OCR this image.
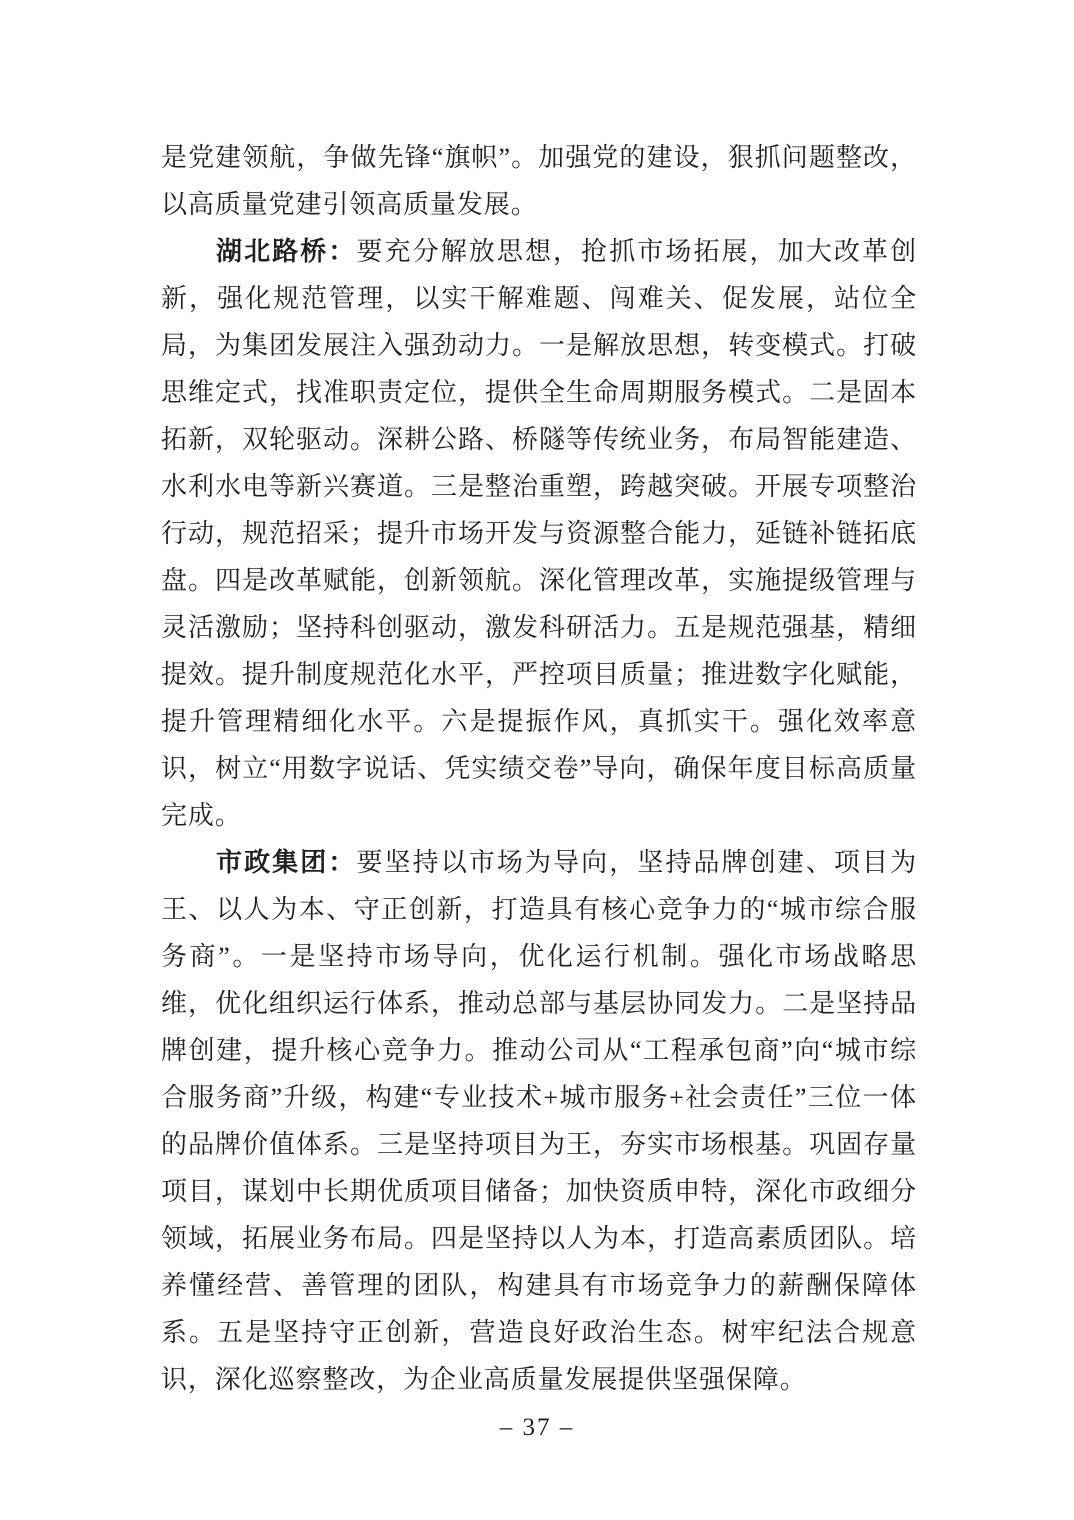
是党建领航，争做先锋“旗帜”。加强党的建设，狠抓问题整改，以高质量党建引领高质量发展。

湖北路桥：要充分解放思想，抢抓市场拓展，加大改革创新，强化规范管理，以实干解难题、闯难关、促发展，站位全局，为集团发展注入强劲动力。一是解放思想，转变模式。打破思维定式，找准职责定位，提供全生命周期服务模式。二是固本拓新，双轮驱动。深耕公路、桥隧等传统业务，布局智能建造、水利水电等新兴赛道。三是整治重塑，跨越突破。开展专项整治行动，规范招采；提升市场开发与资源整合能力，延链补链拓底盘。四是改革赋能，创新领航。深化管理改革，实施提级管理与灵活激励；坚持科创驱动，激发科研活力。五是规范强基，精细提效。提升制度规范化水平，严控项目质量；推进数字化赋能，提升管理精细化水平。六是提振作风，真抓实干。强化效率意识，树立“用数字说话、凭实绩交卷”导向，确保年度目标高质量完成。

市政集团：要坚持以市场为导向，坚持品牌创建、项目为王、以人为本、守正创新，打造具有核心竞争力的“城市综合服务商”。一是坚持市场导向，优化运行机制。强化市场战略思维，优化组织运行体系，推动总部与基层协同发力。二是坚持品牌创建，提升核心竞争力。推动公司从“工程承包商”向“城市综合服务商”升级，构建“专业技术+城市服务+社会责任”三位一体的品牌价值体系。三是坚持项目为王，夯实市场根基。巩固存量项目，谋划中长期优质项目储备；加快资质申特，深化市政细分领域，拓展业务布局。四是坚持以人为本，打造高素质团队。培养懂经营、善管理的团队，构建具有市场竞争力的薪酬保障体系。五是坚持守正创新，营造良好政治生态。树牢纪法合规意识，深化巡察整改，为企业高质量发展提供坚强保障。

– 37 –
